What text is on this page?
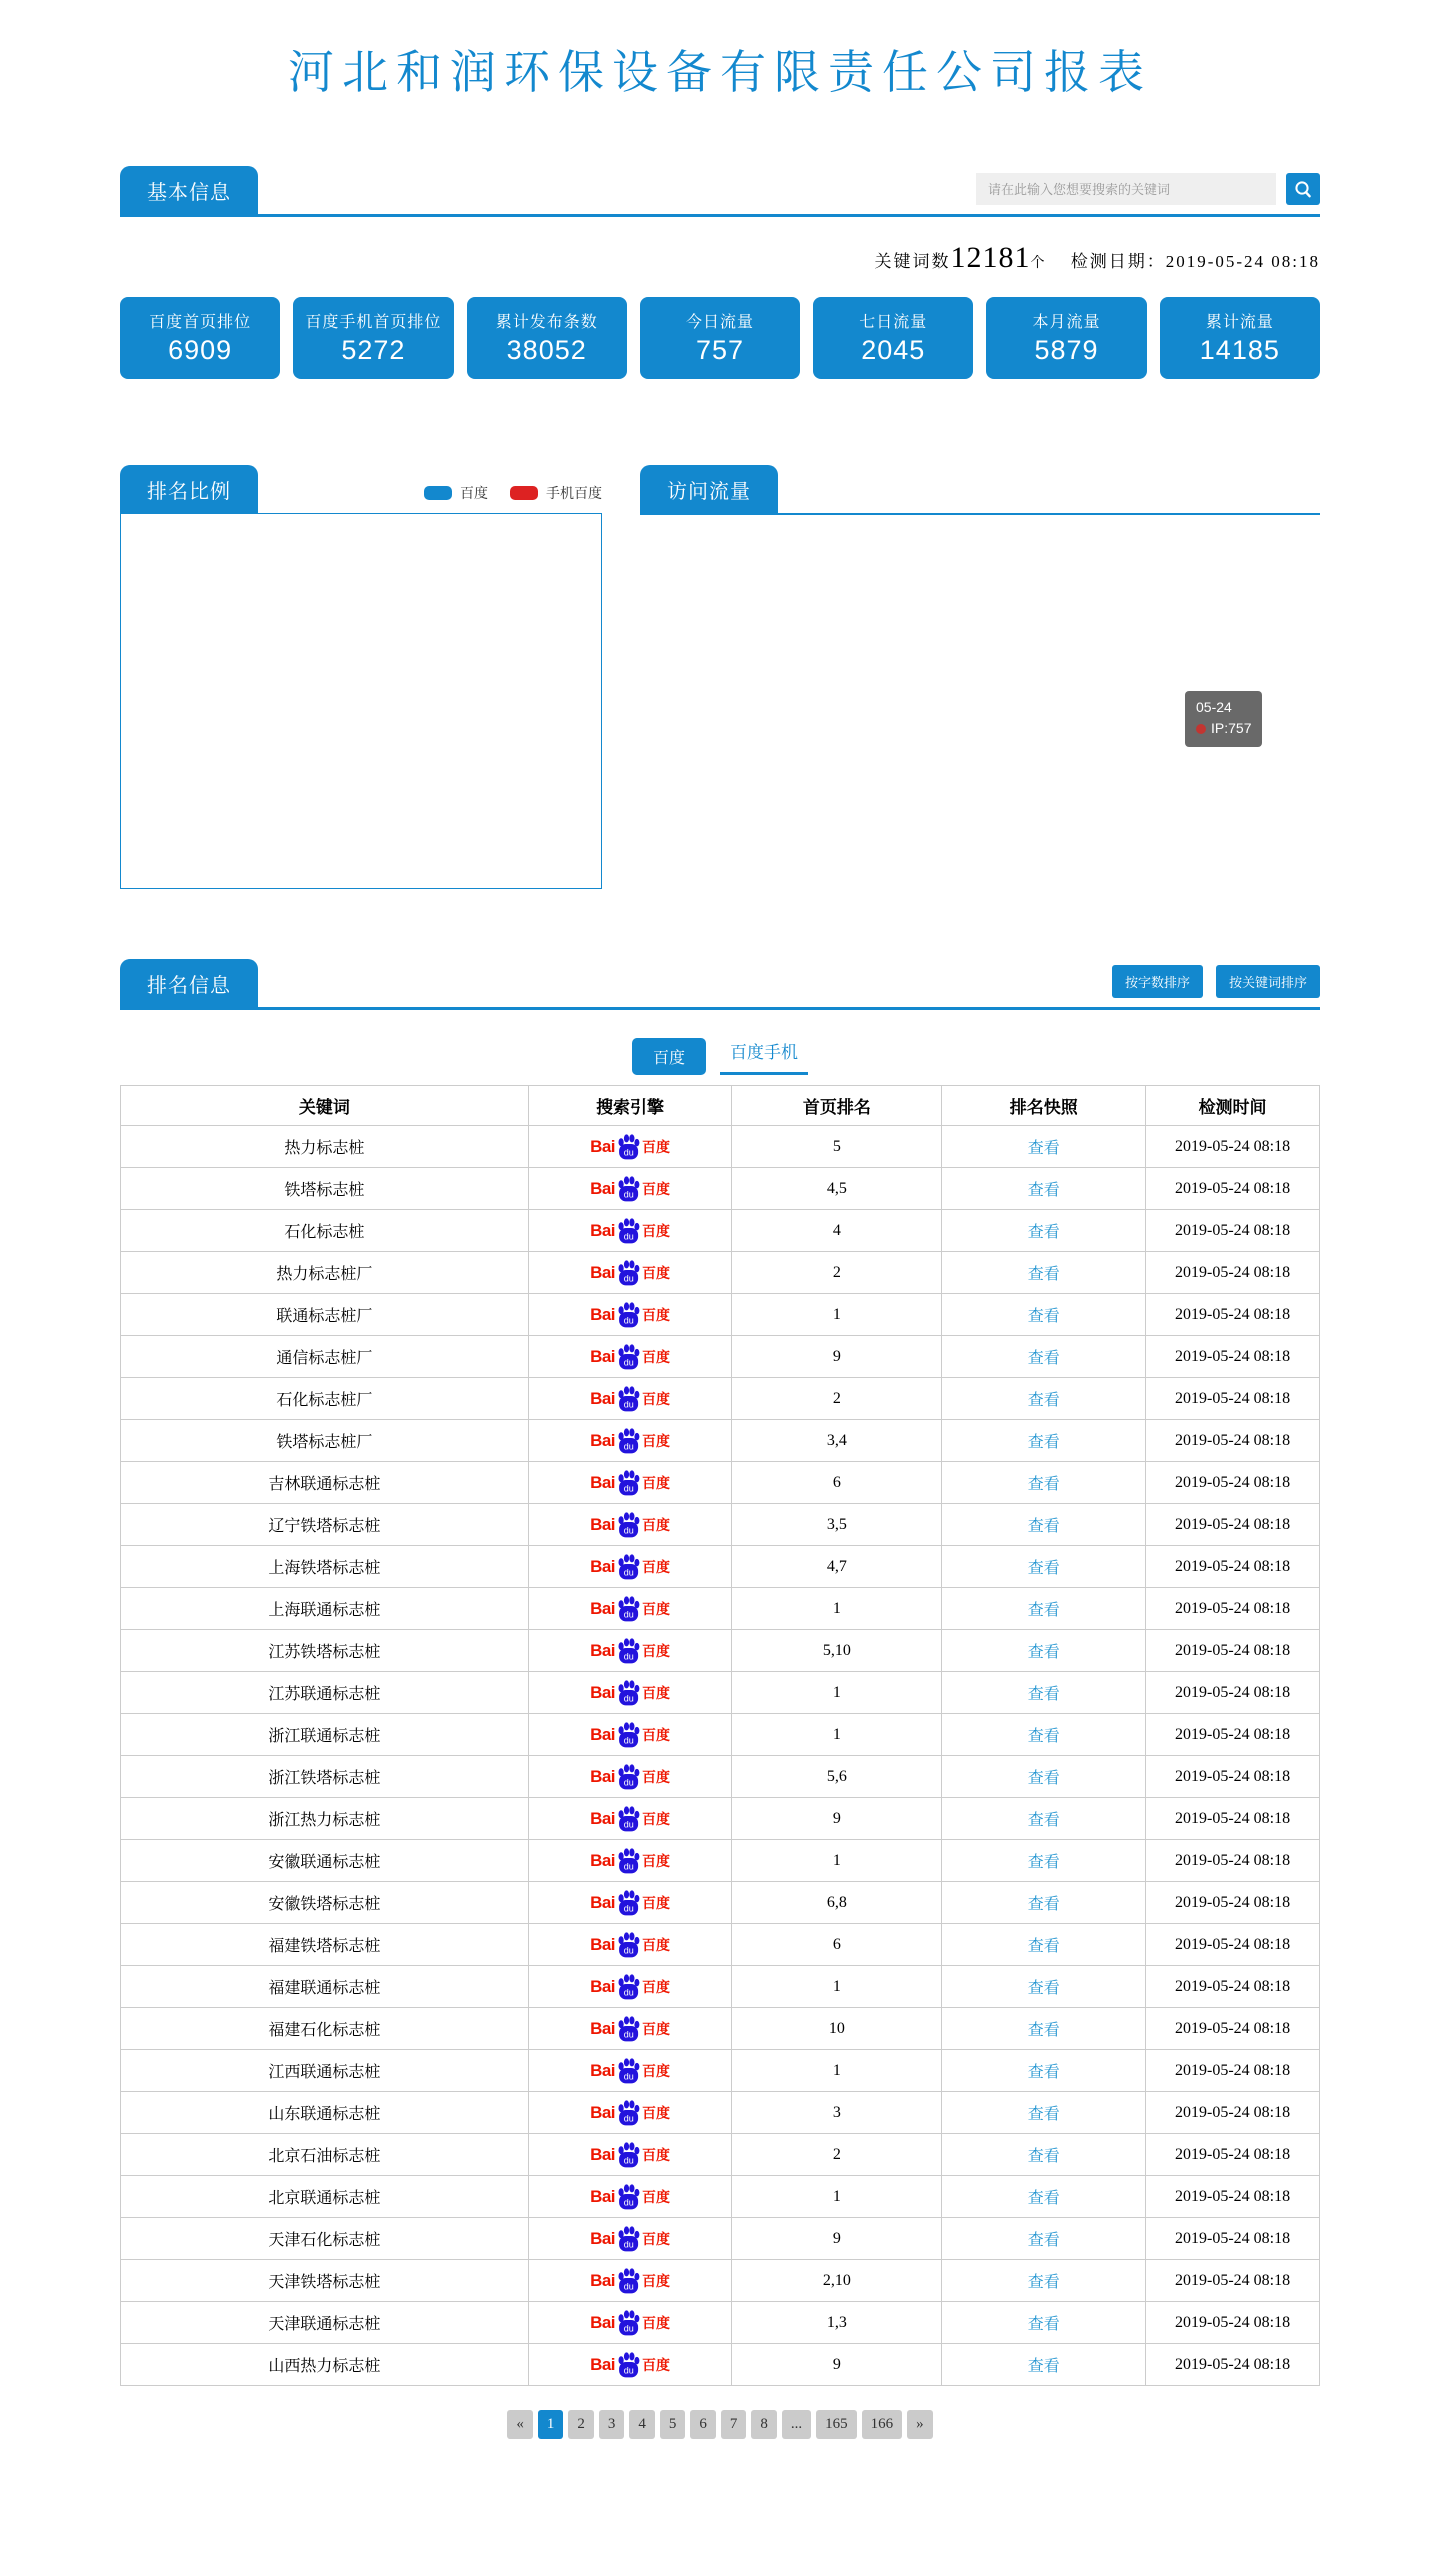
河北和润环保设备有限责任公司报表
基本信息
请在此输入您想要搜索的关键词
关键词数12181个 检测日期：2019-05-24 08:18
百度首页排位
6909
百度手机首页排位
5272
累计发布条数
38052
今日流量
757
七日流量
2045
本月流量
5879
累计流量
14185
排名比例	百度	手机百度	访问流量
05-24
IP:757
排名信息	按字数排序	按关键词排序
百度	百度手机
关键词	搜索引擎	首页排名	排名快照	检测时间
热力标志桩	Bai du 百度	5	查看	2019-05-24 08:18
铁塔标志桩	Bai du 百度	4,5	查看	2019-05-24 08:18
石化标志桩	Bai du 百度	4	查看	2019-05-24 08:18
热力标志桩厂	Bai du 百度	2	查看	2019-05-24 08:18
联通标志桩厂	Bai du 百度	1	查看	2019-05-24 08:18
通信标志桩厂	Bai du 百度	9	查看	2019-05-24 08:18
石化标志桩厂	Bai du 百度	2	查看	2019-05-24 08:18
铁塔标志桩厂	Bai du 百度	3,4	查看	2019-05-24 08:18
吉林联通标志桩	Bai du 百度	6	查看	2019-05-24 08:18
辽宁铁塔标志桩	Bai du 百度	3,5	查看	2019-05-24 08:18
上海铁塔标志桩	Bai du 百度	4,7	查看	2019-05-24 08:18
上海联通标志桩	Bai du 百度	1	查看	2019-05-24 08:18
江苏铁塔标志桩	Bai du 百度	5,10	查看	2019-05-24 08:18
江苏联通标志桩	Bai du 百度	1	查看	2019-05-24 08:18
浙江联通标志桩	Bai du 百度	1	查看	2019-05-24 08:18
浙江铁塔标志桩	Bai du 百度	5,6	查看	2019-05-24 08:18
浙江热力标志桩	Bai du 百度	9	查看	2019-05-24 08:18
安徽联通标志桩	Bai du 百度	1	查看	2019-05-24 08:18
安徽铁塔标志桩	Bai du 百度	6,8	查看	2019-05-24 08:18
福建铁塔标志桩	Bai du 百度	6	查看	2019-05-24 08:18
福建联通标志桩	Bai du 百度	1	查看	2019-05-24 08:18
福建石化标志桩	Bai du 百度	10	查看	2019-05-24 08:18
江西联通标志桩	Bai du 百度	1	查看	2019-05-24 08:18
山东联通标志桩	Bai du 百度	3	查看	2019-05-24 08:18
北京石油标志桩	Bai du 百度	2	查看	2019-05-24 08:18
北京联通标志桩	Bai du 百度	1	查看	2019-05-24 08:18
天津石化标志桩	Bai du 百度	9	查看	2019-05-24 08:18
天津铁塔标志桩	Bai du 百度	2,10	查看	2019-05-24 08:18
天津联通标志桩	Bai du 百度	1,3	查看	2019-05-24 08:18
山西热力标志桩	Bai du 百度	9	查看	2019-05-24 08:18
«	1	2	3	4	5	6	7	8	...	165	166	»
